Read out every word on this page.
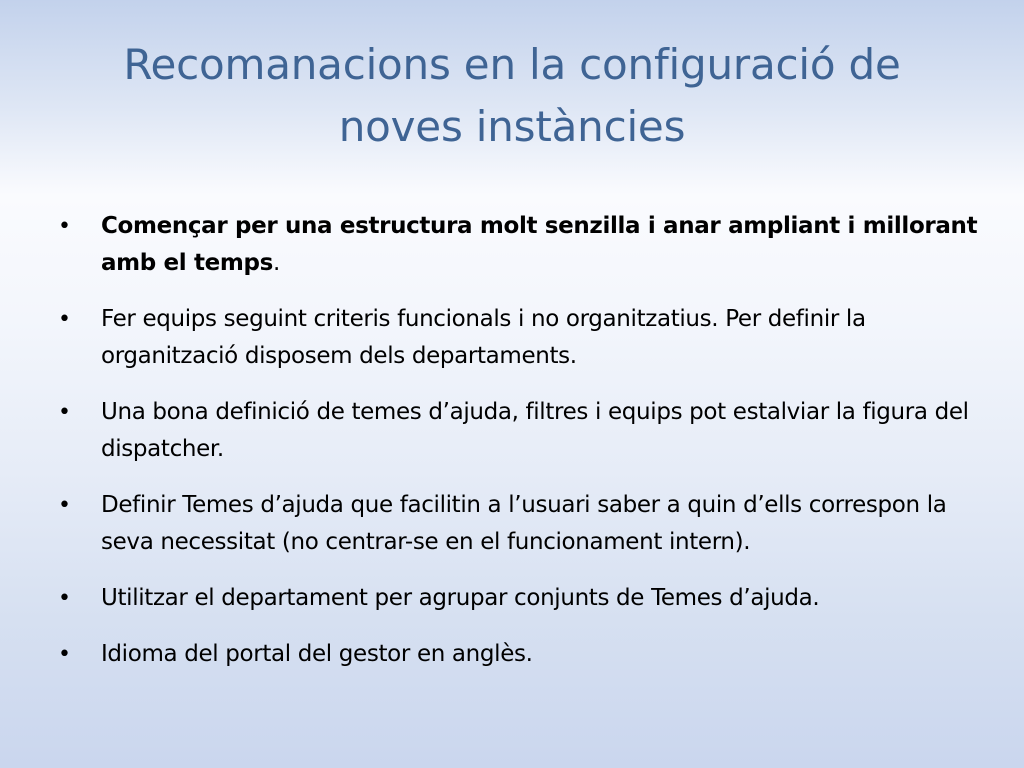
Recomanacions en la configuració de
noves instàncies
• Començar per una estructura molt senzilla i anar ampliant i millorant amb el temps.
• Fer equips seguint criteris funcionals i no organitzatius. Per definir la organització disposem dels departaments.
• Una bona definició de temes d’ajuda, filtres i equips pot estalviar la figura del dispatcher.
• Definir Temes d’ajuda que facilitin a l’usuari saber a quin d’ells correspon la seva necessitat (no centrar-se en el funcionament intern).
• Utilitzar el departament per agrupar conjunts de Temes d’ajuda.
• Idioma del portal del gestor en anglès.
